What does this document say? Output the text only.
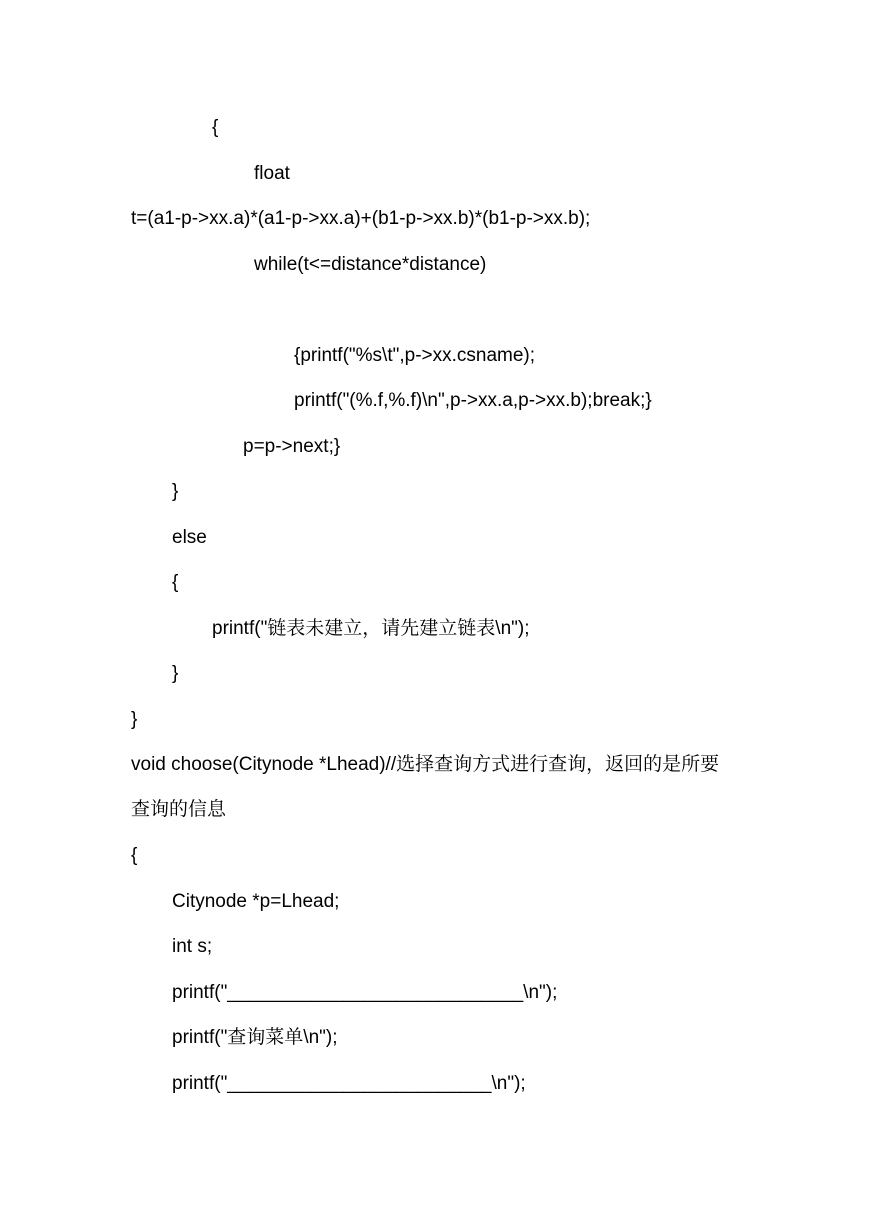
{
float
t=(a1-p->xx.a)*(a1-p->xx.a)+(b1-p->xx.b)*(b1-p->xx.b);
while(t<=distance*distance)
{printf("%s\t",p->xx.csname);
printf("(%.f,%.f)\n",p->xx.a,p->xx.b);break;}
p=p->next;}
}
else
{
printf("链表未建立，请先建立链表\n");
}
}
void choose(Citynode *Lhead)//选择查询方式进行查询，返回的是所要
查询的信息
{
Citynode *p=Lhead;
int s;
printf("____________________________\n");
printf("查询菜单\n");
printf("_________________________\n");
